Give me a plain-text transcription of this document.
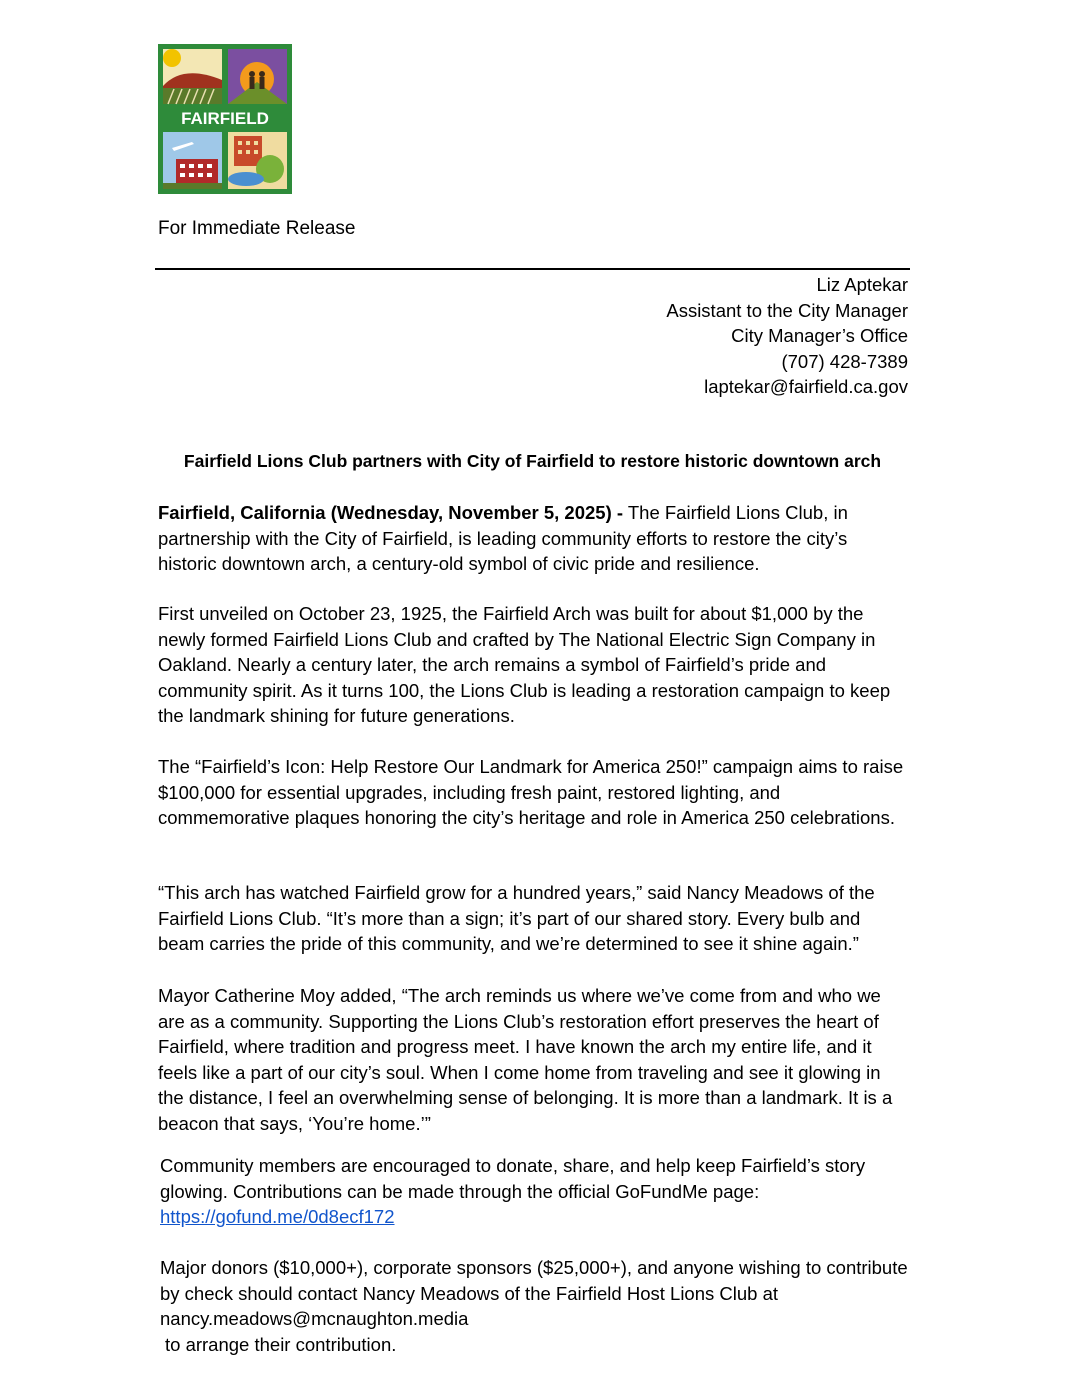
FAIRFIELD
For Immediate Release
Liz Aptekar
Assistant to the City Manager
City Manager’s Office
(707) 428-7389
laptekar@fairfield.ca.gov
Fairfield Lions Club partners with City of Fairfield to restore historic downtown arch
Fairfield, California (Wednesday, November 5, 2025) - The Fairfield Lions Club, in partnership with the City of Fairfield, is leading community efforts to restore the city’s historic downtown arch, a century-old symbol of civic pride and resilience.
First unveiled on October 23, 1925, the Fairfield Arch was built for about $1,000 by the newly formed Fairfield Lions Club and crafted by The National Electric Sign Company in Oakland. Nearly a century later, the arch remains a symbol of Fairfield’s pride and community spirit. As it turns 100, the Lions Club is leading a restoration campaign to keep the landmark shining for future generations.
The “Fairfield’s Icon: Help Restore Our Landmark for America 250!” campaign aims to raise $100,000 for essential upgrades, including fresh paint, restored lighting, and commemorative plaques honoring the city’s heritage and role in America 250 celebrations.
“This arch has watched Fairfield grow for a hundred years,” said Nancy Meadows of the Fairfield Lions Club. “It’s more than a sign; it’s part of our shared story. Every bulb and beam carries the pride of this community, and we’re determined to see it shine again.”
Mayor Catherine Moy added, “The arch reminds us where we’ve come from and who we are as a community. Supporting the Lions Club’s restoration effort preserves the heart of Fairfield, where tradition and progress meet. I have known the arch my entire life, and it feels like a part of our city’s soul. When I come home from traveling and see it glowing in the distance, I feel an overwhelming sense of belonging. It is more than a landmark. It is a beacon that says, ‘You’re home.’”
Community members are encouraged to donate, share, and help keep Fairfield’s story glowing. Contributions can be made through the official GoFundMe page:
https://gofund.me/0d8ecf172
Major donors ($10,000+), corporate sponsors ($25,000+), and anyone wishing to contribute by check should contact Nancy Meadows of the Fairfield Host Lions Club at
nancy.meadows@mcnaughton.media
to arrange their contribution.
